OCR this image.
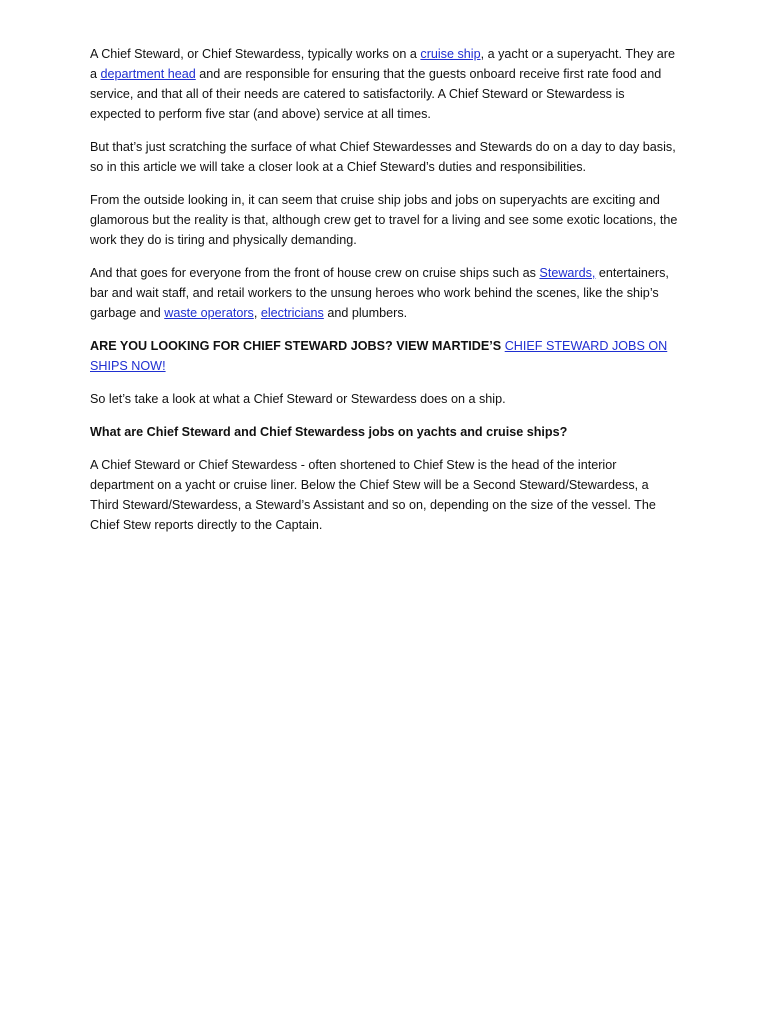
A Chief Steward, or Chief Stewardess, typically works on a cruise ship, a yacht or a superyacht. They are a department head and are responsible for ensuring that the guests onboard receive first rate food and service, and that all of their needs are catered to satisfactorily. A Chief Steward or Stewardess is expected to perform five star (and above) service at all times.

But that’s just scratching the surface of what Chief Stewardesses and Stewards do on a day to day basis, so in this article we will take a closer look at a Chief Steward’s duties and responsibilities.

From the outside looking in, it can seem that cruise ship jobs and jobs on superyachts are exciting and glamorous but the reality is that, although crew get to travel for a living and see some exotic locations, the work they do is tiring and physically demanding.

And that goes for everyone from the front of house crew on cruise ships such as Stewards, entertainers, bar and wait staff, and retail workers to the unsung heroes who work behind the scenes, like the ship’s garbage and waste operators, electricians and plumbers.

ARE YOU LOOKING FOR CHIEF STEWARD JOBS? VIEW MARTIDE’S CHIEF STEWARD JOBS ON SHIPS NOW!

So let’s take a look at what a Chief Steward or Stewardess does on a ship.

What are Chief Steward and Chief Stewardess jobs on yachts and cruise ships?

A Chief Steward or Chief Stewardess - often shortened to Chief Stew is the head of the interior department on a yacht or cruise liner. Below the Chief Stew will be a Second Steward/Stewardess, a Third Steward/Stewardess, a Steward’s Assistant and so on, depending on the size of the vessel. The Chief Stew reports directly to the Captain.
